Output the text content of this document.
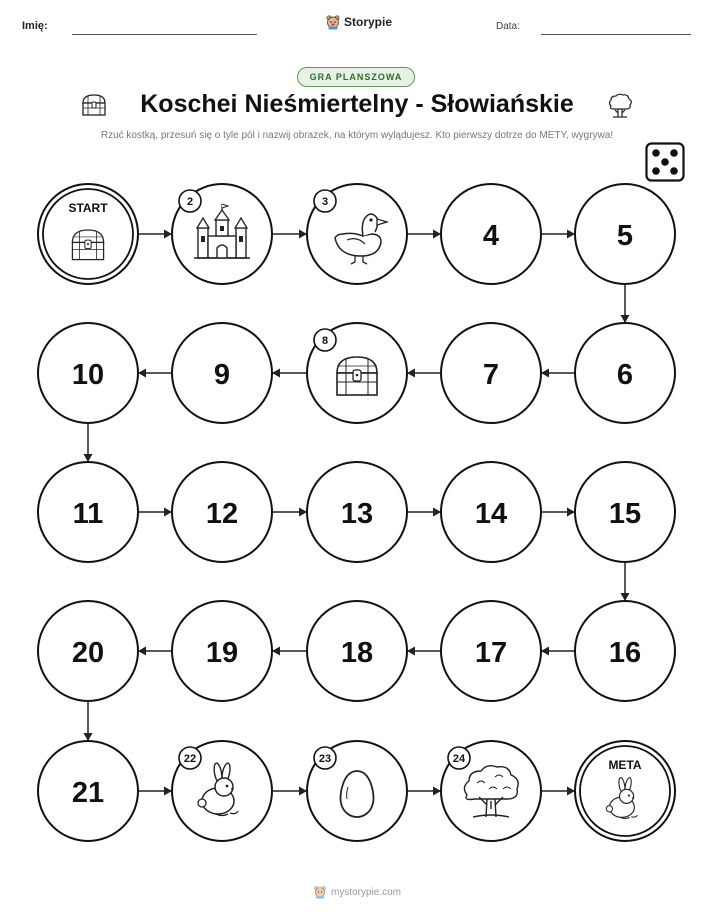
Imię:	Storypie	Data:
GRA PLANSZOWA
Koschei Nieśmiertelny - Słowiańskie
Rzuć kostką, przesuń się o tyle pól i nazwij obrazek, na którym wylądujesz. Kto pierwszy dotrze do METY, wygrywa!
START	2	3
4	5
6
7
8
9
10
11	12	13	14	15
16
17
18
19
20
21
22	23	24	META
mystorypie.com
